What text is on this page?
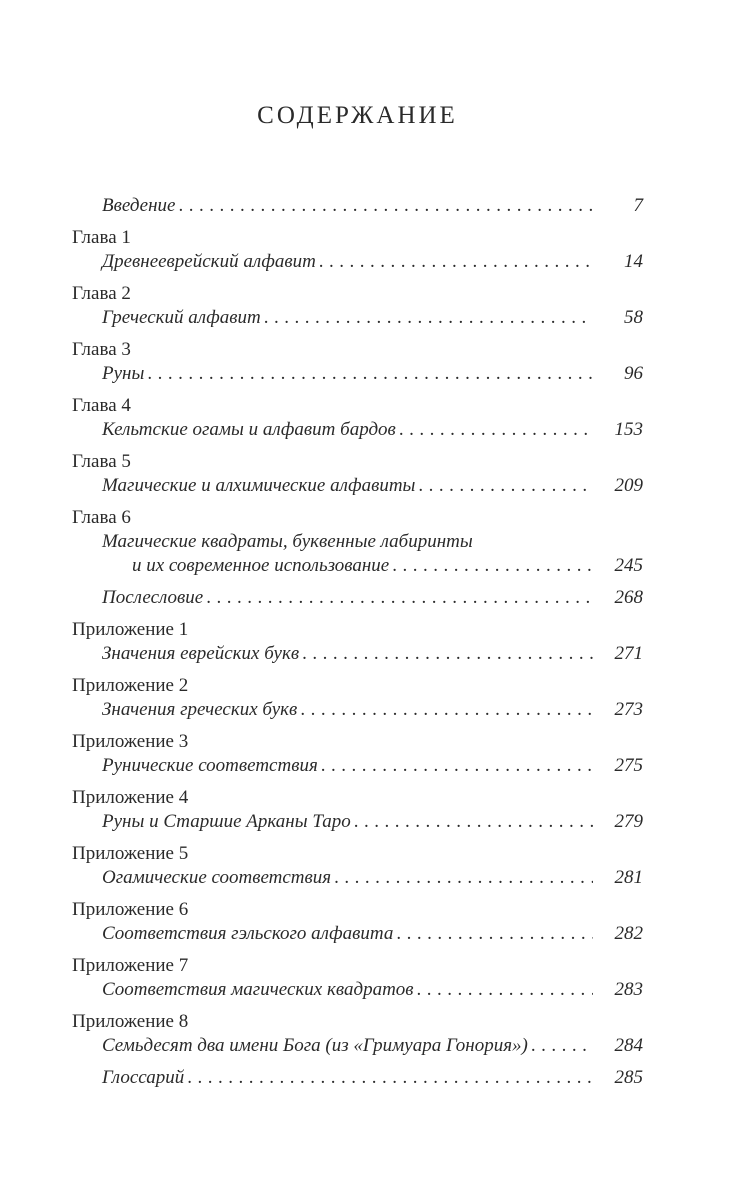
СОДЕРЖАНИЕ
Введение .....	7
Глава 1
Древнееврейский алфавит .....	14
Глава 2
Греческий алфавит .....	58
Глава 3
Руны .....	96
Глава 4
Кельтские огамы и алфавит бардов .....	153
Глава 5
Магические и алхимические алфавиты .....	209
Глава 6
Магические квадраты, буквенные лабиринты
и их современное использование .....	245
Послесловие .....	268
Приложение 1
Значения еврейских букв .....	271
Приложение 2
Значения греческих букв .....	273
Приложение 3
Рунические соответствия .....	275
Приложение 4
Руны и Старшие Арканы Таро .....	279
Приложение 5
Огамические соответствия .....	281
Приложение 6
Соответствия гэльского алфавита .....	282
Приложение 7
Соответствия магических квадратов .....	283
Приложение 8
Семьдесят два имени Бога (из «Гримуара Гонория») .....	284
Глоссарий .....	285
